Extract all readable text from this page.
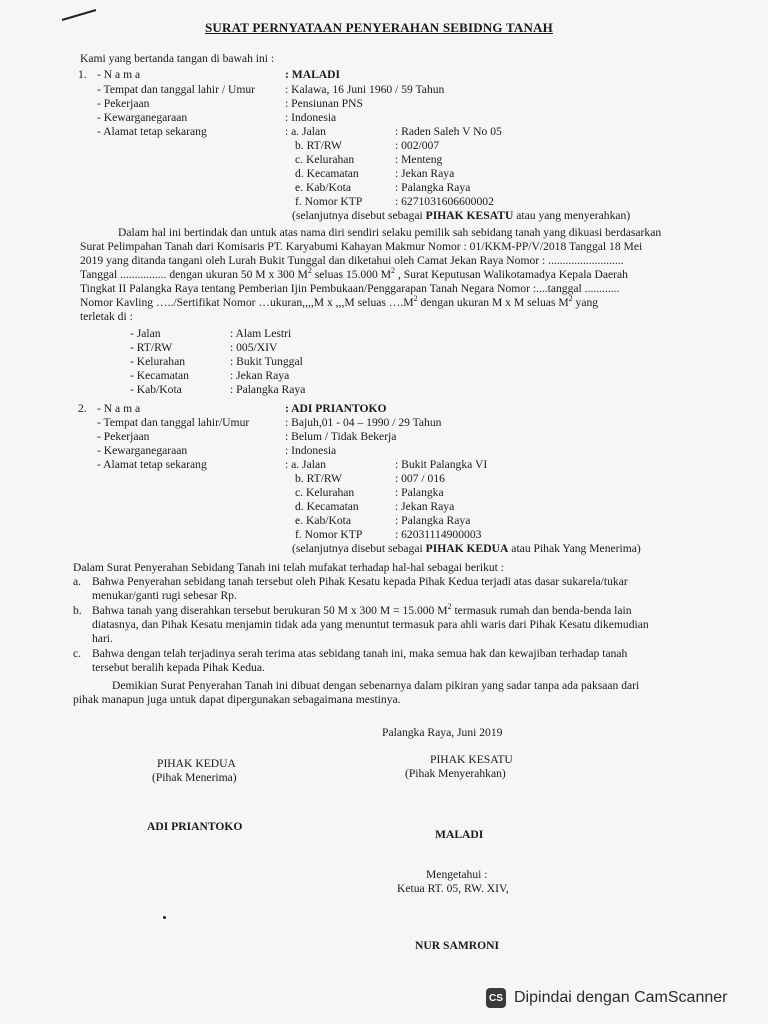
SURAT PERNYATAAN PENYERAHAN SEBIDNG TANAH
Kami yang bertanda tangan di bawah ini :
1. - N a m a
- Tempat dan tanggal lahir / Umur
- Pekerjaan
- Kewarganegaraan
- Alamat tetap sekarang
: MALADI
: Kalawa, 16 Juni 1960 / 59 Tahun
: Pensiunan PNS
: Indonesia
: a. Jalan
b. RT/RW
c. Kelurahan
d. Kecamatan
e. Kab/Kota
f. Nomor KTP
: Raden Saleh V No 05
: 002/007
: Menteng
: Jekan Raya
: Palangka Raya
: 6271031606600002
(selanjutnya disebut sebagai PIHAK KESATU atau yang menyerahkan)
Dalam hal ini bertindak dan untuk atas nama diri sendiri selaku pemilik sah sebidang tanah yang dikuasi berdasarkan
Surat Pelimpahan Tanah dari Komisaris PT. Karyabumi Kahayan Makmur Nomor : 01/KKM-PP/V/2018 Tanggal 18 Mei
2019 yang ditanda tangani oleh Lurah Bukit Tunggal dan diketahui oleh Camat Jekan Raya Nomor : ..........................
Tanggal ................ dengan ukuran 50 M x 300 $M^2$ seluas 15.000 $M^2$ , Surat Keputusan Walikotamadya Kepala Daerah
Tingkat II Palangka Raya tentang Pemberian Ijin Pembukaan/Penggarapan Tanah Negara Nomor :....tanggal ............
Nomor Kavling …../Sertifikat Nomor …ukuran,,,,M x ,,,M seluas $\dots.M^2$ dengan ukuran M x M seluas $M^2$ yang
terletak di :
- Jalan
- RT/RW
- Kelurahan
- Kecamatan
- Kab/Kota
: Alam Lestri
: 005/XIV
: Bukit Tunggal
: Jekan Raya
: Palangka Raya
2. - N a m a
- Tempat dan tanggal lahir/Umur
- Pekerjaan
- Kewarganegaraan
- Alamat tetap sekarang
: ADI PRIANTOKO
: Bajuh,01 - 04 – 1990 / 29 Tahun
: Belum / Tidak Bekerja
: Indonesia
: a. Jalan
b. RT/RW
c. Kelurahan
d. Kecamatan
e. Kab/Kota
f. Nomor KTP
: Bukit Palangka VI
: 007 / 016
: Palangka
: Jekan Raya
: Palangka Raya
: 62031114900003
(selanjutnya disebut sebagai PIHAK KEDUA atau Pihak Yang Menerima)
Dalam Surat Penyerahan Sebidang Tanah ini telah mufakat terhadap hal-hal sebagai berikut :
a. Bahwa Penyerahan sebidang tanah tersebut oleh Pihak Kesatu kepada Pihak Kedua terjadi atas dasar sukarela/tukar
menukar/ganti rugi sebesar Rp.
b. Bahwa tanah yang diserahkan tersebut berukuran 50 M x 300 M = 15.000 $M^2$ termasuk rumah dan benda-benda lain
diatasnya, dan Pihak Kesatu menjamin tidak ada yang menuntut termasuk para ahli waris dari Pihak Kesatu dikemudian
hari.
c. Bahwa dengan telah terjadinya serah terima atas sebidang tanah ini, maka semua hak dan kewajiban terhadap tanah
tersebut beralih kepada Pihak Kedua.
Demikian Surat Penyerahan Tanah ini dibuat dengan sebenarnya dalam pikiran yang sadar tanpa ada paksaan dari
pihak manapun juga untuk dapat dipergunakan sebagaimana mestinya.
Palangka Raya, Juni 2019
PIHAK KEDUA
(Pihak Menerima)
ADI PRIANTOKO
PIHAK KESATU
(Pihak Menyerahkan)
MALADI
Mengetahui :
Ketua RT. 05, RW. XIV,
NUR SAMRONI
CS Dipindai dengan CamScanner
